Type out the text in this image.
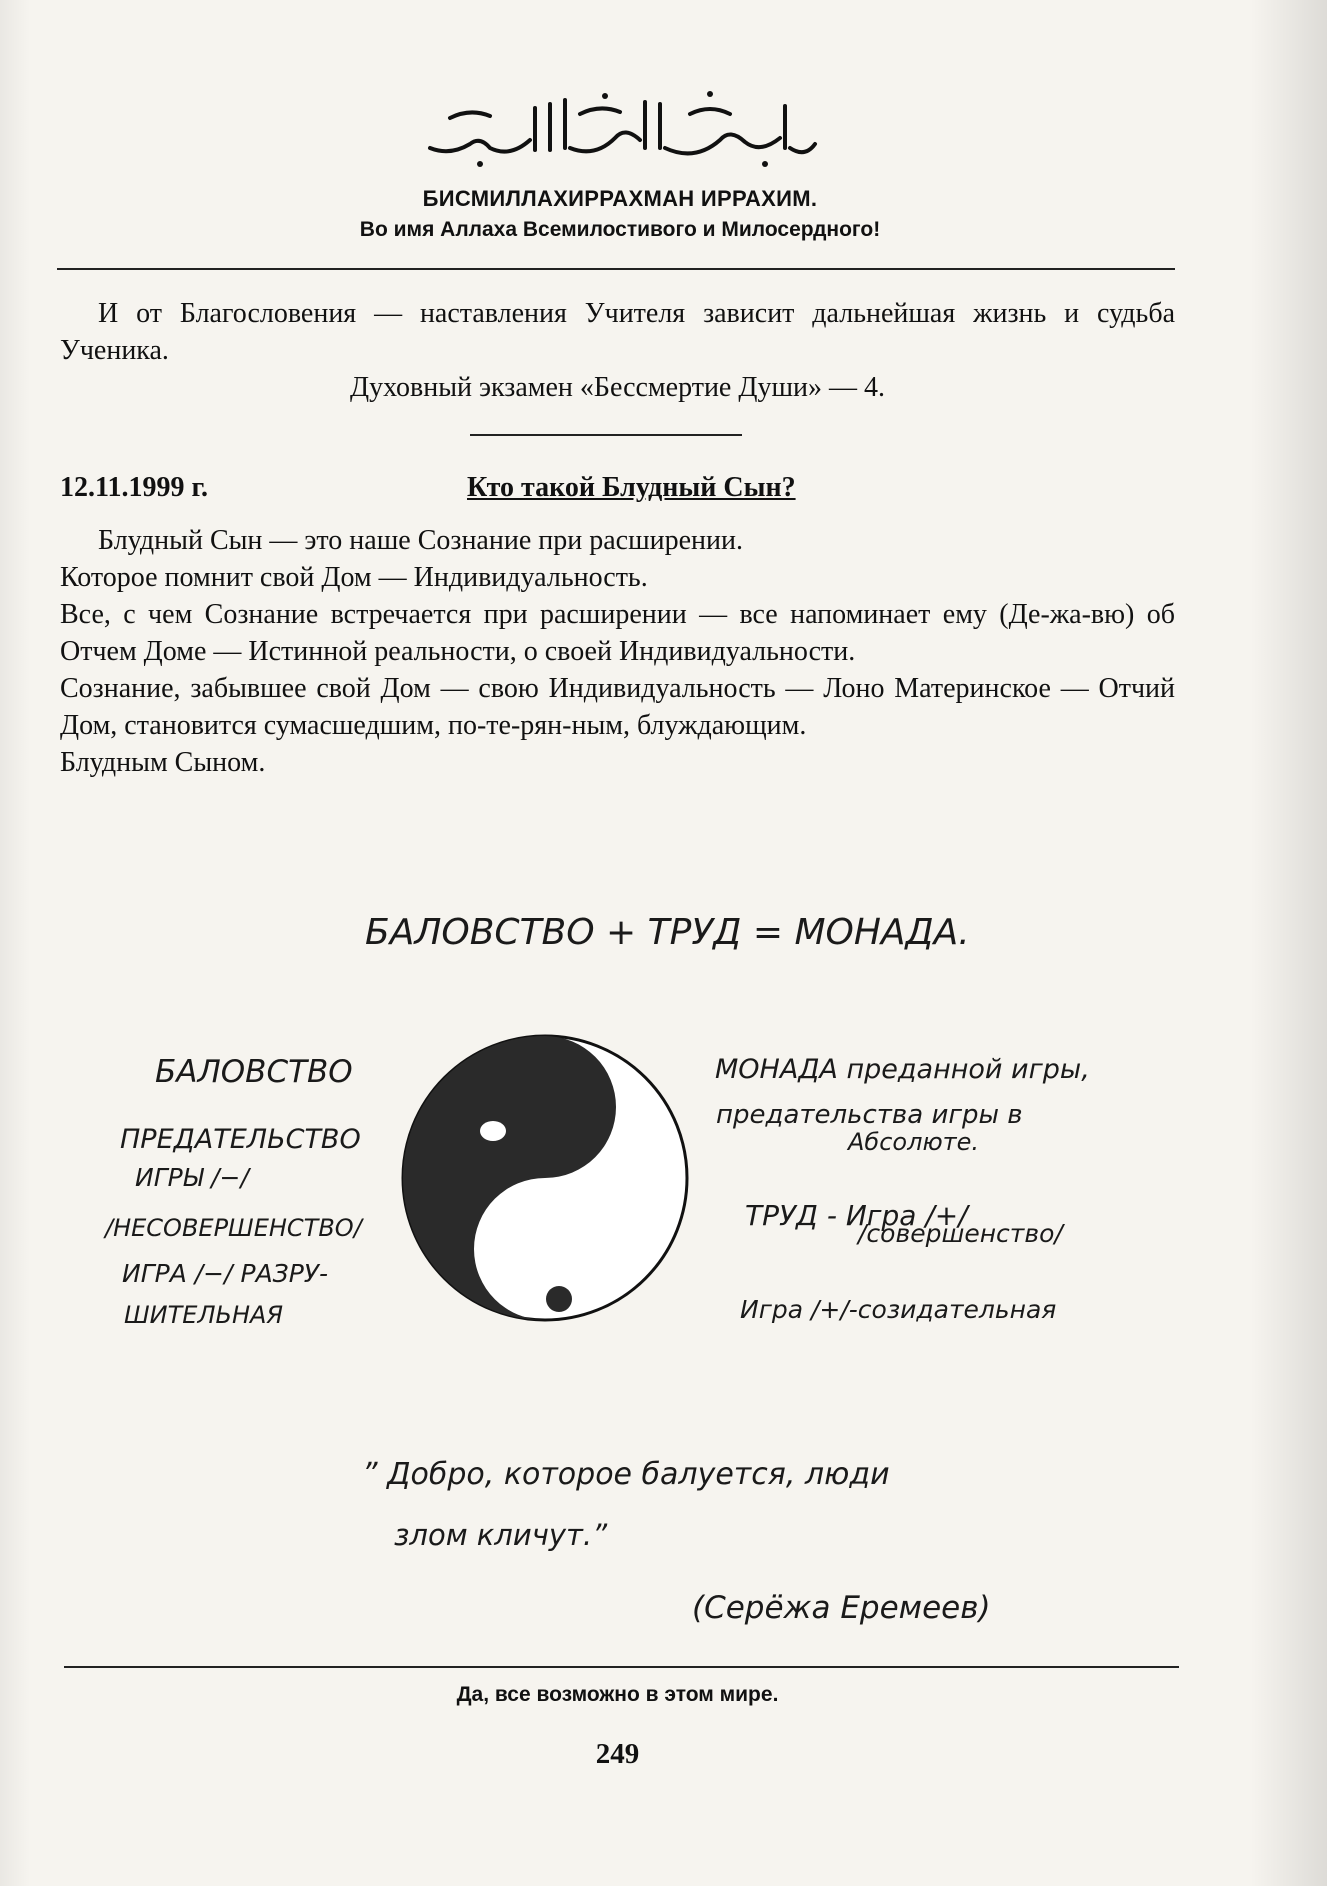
БИСМИЛЛАХИРРАХМАН ИРРАХИМ.
Во имя Аллаха Всемилостивого и Милосердного!

И от Благословения — наставления Учителя зависит дальнейшая жизнь и судьба Ученика.

Духовный экзамен «Бессмертие Души» — 4.

12.11.1999 г.	Кто такой Блудный Сын?

Блудный Сын — это наше Сознание при расширении.

Которое помнит свой Дом — Индивидуальность.

Все, с чем Сознание встречается при расширении — все напоминает ему (Де-жа-вю) об Отчем Доме — Истинной реальности, о своей Индивидуальности.

Сознание, забывшее свой Дом — свою Индивидуальность — Лоно Материнское — Отчий Дом, становится сумасшедшим, по-те-рян-ным, блуждающим.

Блудным Сыном.

БАЛОВСТВО + ТРУД = МОНАДА.
БАЛОВСТВО
ПРЕДАТЕЛЬСТВО
ИГРЫ /−/
/НЕСОВЕРШЕНСТВО/
ИГРА /−/ РАЗРУ-
ШИТЕЛЬНАЯ
МОНАДА преданной игры,
предательства игры в
Абсолюте.
ТРУД - Игра /+/
/совершенство/
Игра /+/-созидательная
” Добро, которое балуется, люди
злом кличут.”
(Серёжа Еремеев)
Да, все возможно в этом мире.
249
